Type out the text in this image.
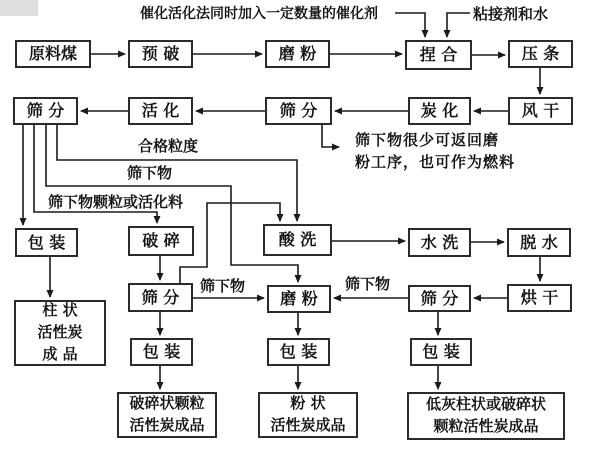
催化活化法同时加入一定数量的催化剂	粘接剂和水
筛下物很少可返回磨
粉工序，也可作为燃料
合格粒度
筛下物
筛下物颗粒或活化料
筛下物	筛下物
原料煤	预 破	磨 粉	捏 合	压 条
筛 分	活 化	筛 分	炭 化	风 干
包 装	破 碎	酸 洗	水 洗	脱 水
筛 分	磨 粉	筛 分	烘 干
包 装	包 装	包 装
柱 状
活性炭
成 品
破碎状颗粒
活性炭成品
粉 状
活性炭成品
低灰柱状或破碎状
颗粒活性炭成品
